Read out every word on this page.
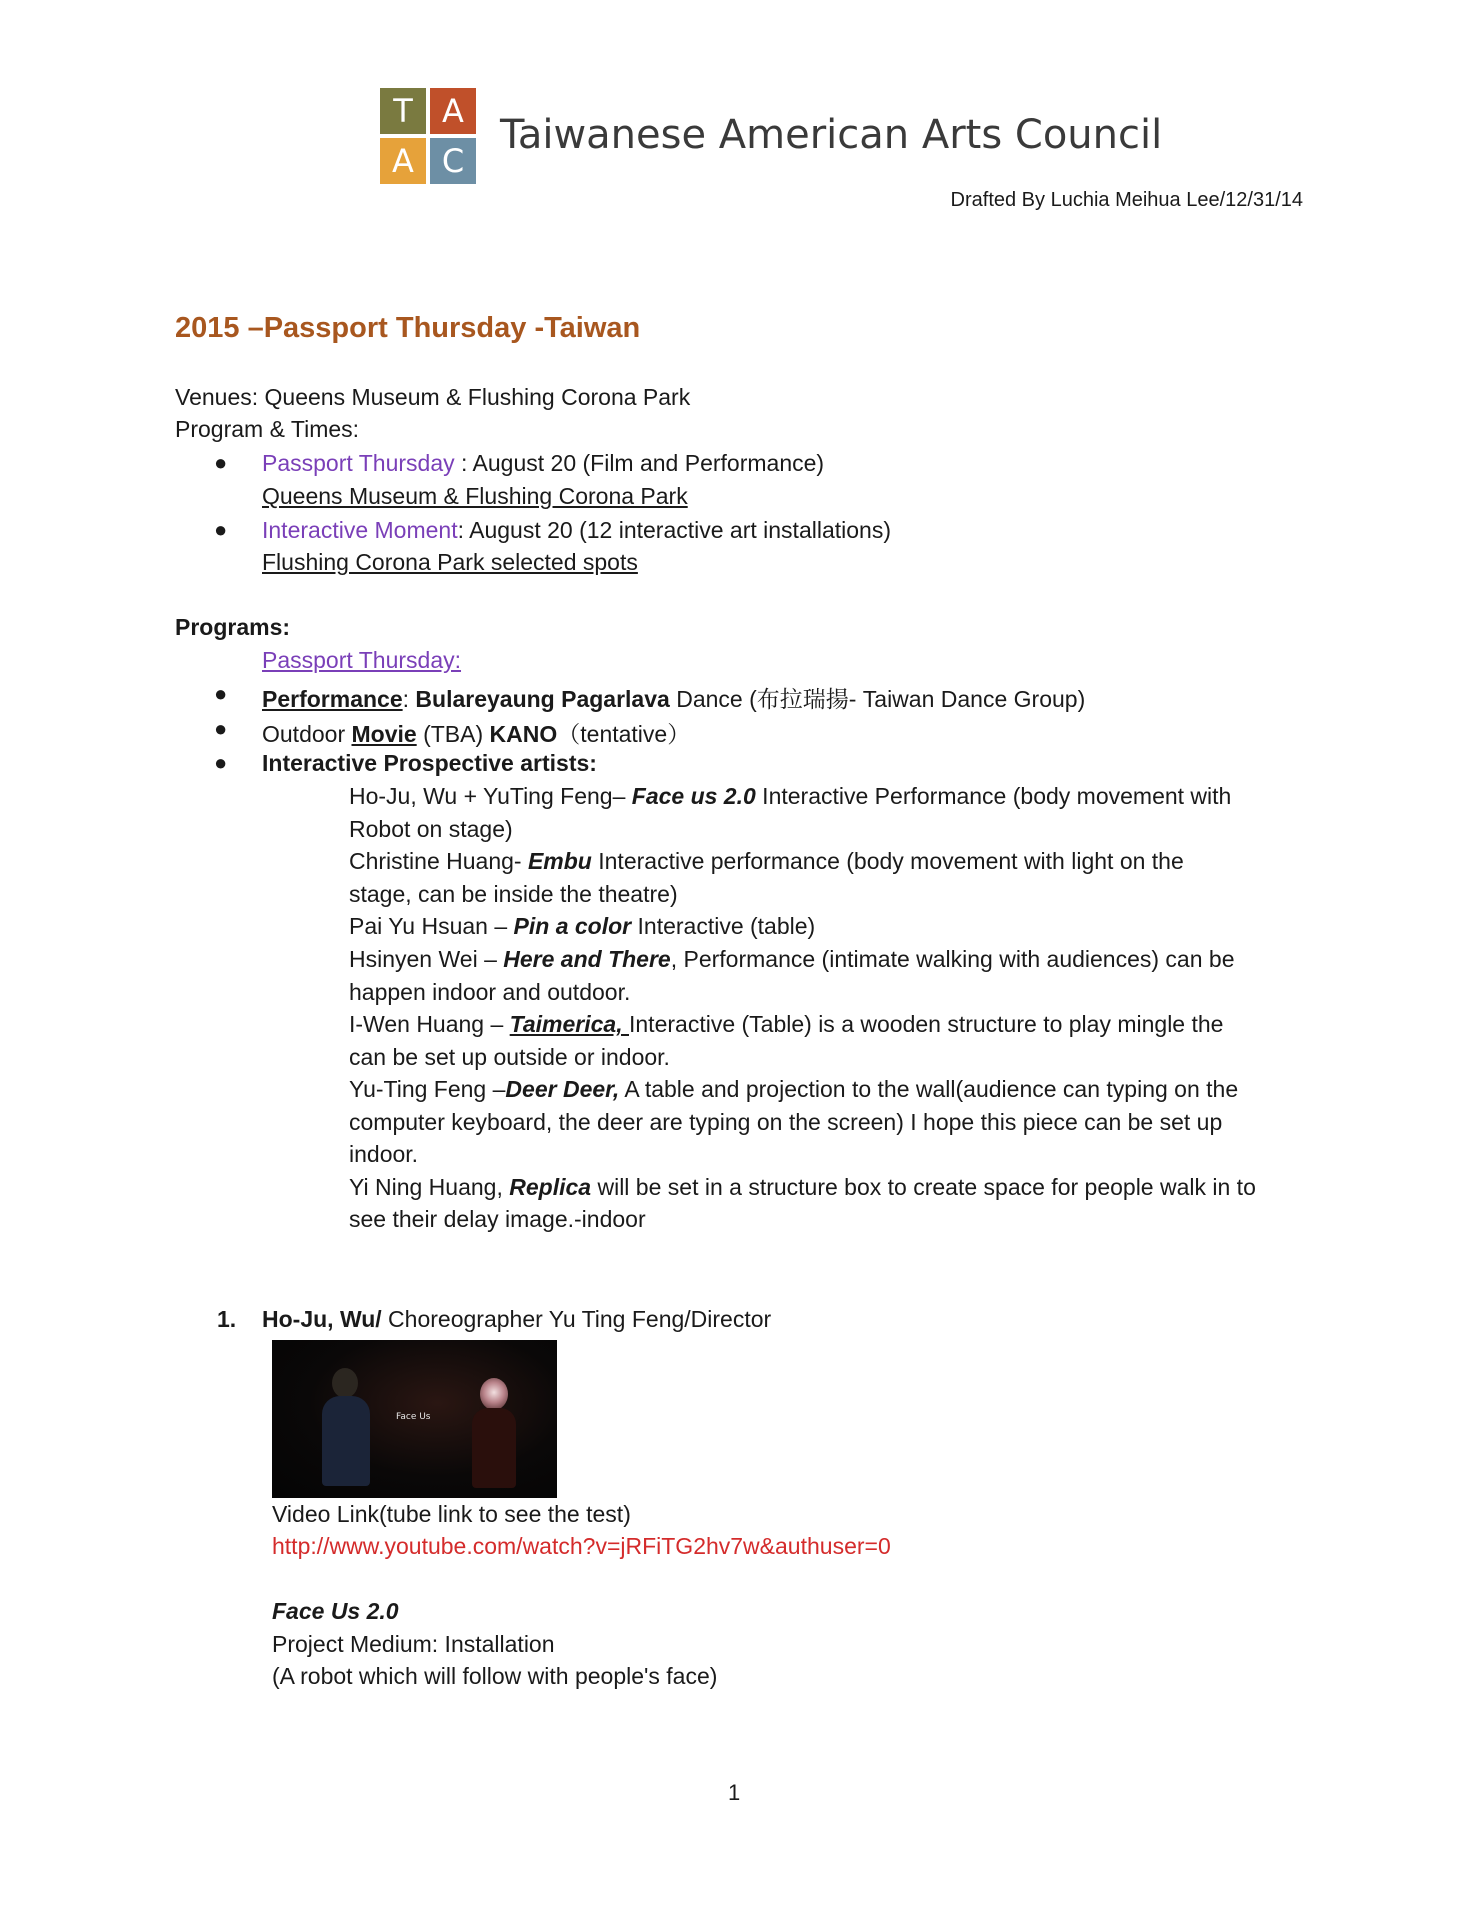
T A
A C
Taiwanese American Arts Council
Drafted By Luchia Meihua Lee/12/31/14
2015 –Passport Thursday -Taiwan
Venues: Queens Museum & Flushing Corona Park
Program & Times:
● Passport Thursday : August 20 (Film and Performance)
Queens Museum & Flushing Corona Park
● Interactive Moment: August 20 (12 interactive art installations)
Flushing Corona Park selected spots
Programs:
Passport Thursday:
● Performance: Bulareyaung Pagarlava Dance (布拉瑞揚- Taiwan Dance Group)
● Outdoor Movie (TBA) KANO（tentative）
● Interactive Prospective artists:
Ho-Ju, Wu + YuTing Feng– Face us 2.0 Interactive Performance (body movement with
Robot on stage)
Christine Huang- Embu Interactive performance (body movement with light on the
stage, can be inside the theatre)
Pai Yu Hsuan – Pin a color Interactive (table)
Hsinyen Wei – Here and There, Performance (intimate walking with audiences) can be
happen indoor and outdoor.
I-Wen Huang – Taimerica, Interactive (Table) is a wooden structure to play mingle the
can be set up outside or indoor.
Yu-Ting Feng –Deer Deer, A table and projection to the wall(audience can typing on the
computer keyboard, the deer are typing on the screen) I hope this piece can be set up
indoor.
Yi Ning Huang, Replica will be set in a structure box to create space for people walk in to
see their delay image.-indoor
1. Ho-Ju, Wu/ Choreographer Yu Ting Feng/Director
Face Us
Video Link(tube link to see the test)
http://www.youtube.com/watch?v=jRFiTG2hv7w&authuser=0
Face Us 2.0
Project Medium: Installation
(A robot which will follow with people's face)
1
